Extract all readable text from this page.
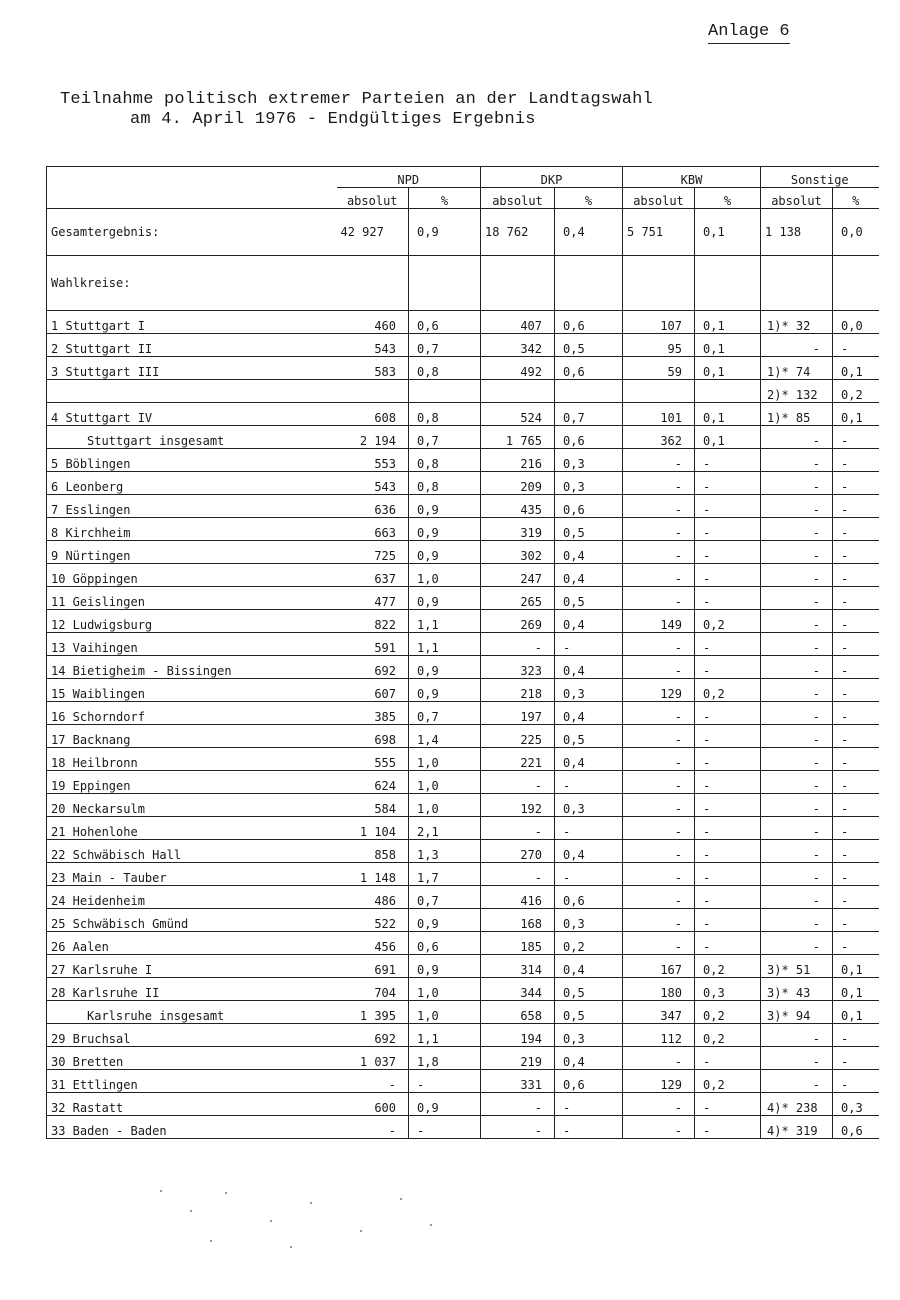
Anlage 6
Teilnahme politisch extremer Parteien an der Landtagswahl
am 4. April 1976 - Endgültiges Ergebnis
	NPD		DKP		KBW		Sonstige	
	absolut	%	absolut	%	absolut	%	absolut	%
Gesamtergebnis:	42 927	0,9	18 762	0,4	5 751	0,1	1 138	0,0
Wahlkreise:								
1 Stuttgart I	460	0,6	407	0,6	107	0,1	1)* 32	0,0
2 Stuttgart II	543	0,7	342	0,5	95	0,1	-	-
3 Stuttgart III	583	0,8	492	0,6	59	0,1	1)* 74	0,1
							2)* 132	0,2
4 Stuttgart IV	608	0,8	524	0,7	101	0,1	1)* 85	0,1
Stuttgart insgesamt	2 194	0,7	1 765	0,6	362	0,1	-	-
5 Böblingen	553	0,8	216	0,3	-	-	-	-
6 Leonberg	543	0,8	209	0,3	-	-	-	-
7 Esslingen	636	0,9	435	0,6	-	-	-	-
8 Kirchheim	663	0,9	319	0,5	-	-	-	-
9 Nürtingen	725	0,9	302	0,4	-	-	-	-
10 Göppingen	637	1,0	247	0,4	-	-	-	-
11 Geislingen	477	0,9	265	0,5	-	-	-	-
12 Ludwigsburg	822	1,1	269	0,4	149	0,2	-	-
13 Vaihingen	591	1,1	-	-	-	-	-	-
14 Bietigheim - Bissingen	692	0,9	323	0,4	-	-	-	-
15 Waiblingen	607	0,9	218	0,3	129	0,2	-	-
16 Schorndorf	385	0,7	197	0,4	-	-	-	-
17 Backnang	698	1,4	225	0,5	-	-	-	-
18 Heilbronn	555	1,0	221	0,4	-	-	-	-
19 Eppingen	624	1,0	-	-	-	-	-	-
20 Neckarsulm	584	1,0	192	0,3	-	-	-	-
21 Hohenlohe	1 104	2,1	-	-	-	-	-	-
22 Schwäbisch Hall	858	1,3	270	0,4	-	-	-	-
23 Main - Tauber	1 148	1,7	-	-	-	-	-	-
24 Heidenheim	486	0,7	416	0,6	-	-	-	-
25 Schwäbisch Gmünd	522	0,9	168	0,3	-	-	-	-
26 Aalen	456	0,6	185	0,2	-	-	-	-
27 Karlsruhe I	691	0,9	314	0,4	167	0,2	3)* 51	0,1
28 Karlsruhe II	704	1,0	344	0,5	180	0,3	3)* 43	0,1
Karlsruhe insgesamt	1 395	1,0	658	0,5	347	0,2	3)* 94	0,1
29 Bruchsal	692	1,1	194	0,3	112	0,2	-	-
30 Bretten	1 037	1,8	219	0,4	-	-	-	-
31 Ettlingen	-	-	331	0,6	129	0,2	-	-
32 Rastatt	600	0,9	-	-	-	-	4)* 238	0,3
33 Baden - Baden	-	-	-	-	-	-	4)* 319	0,6
